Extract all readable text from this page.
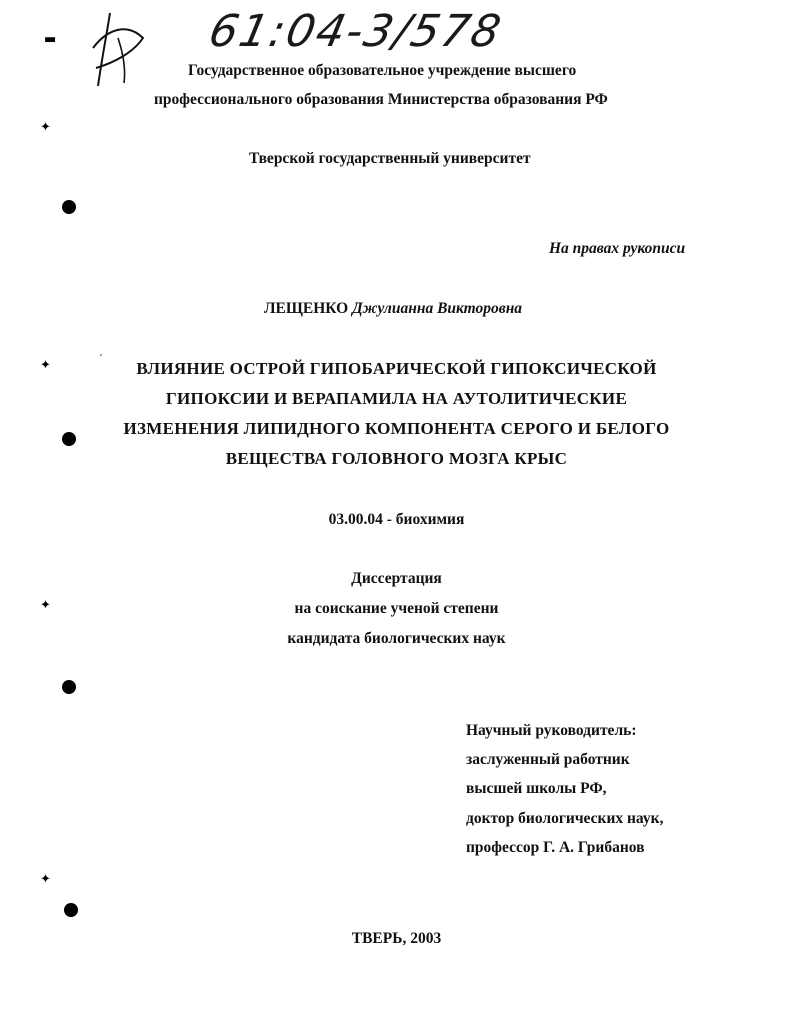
61:04-3/578
▬
✦
✦
✦
✦
ˊ
Государственное образовательное учреждение высшего
профессионального образования Министерства образования РФ
Тверской государственный университет
На правах рукописи
ЛЕЩЕНКО Джулианна Викторовна
ВЛИЯНИЕ ОСТРОЙ ГИПОБАРИЧЕСКОЙ ГИПОКСИЧЕСКОЙ
ГИПОКСИИ И ВЕРАПАМИЛА НА АУТОЛИТИЧЕСКИЕ
ИЗМЕНЕНИЯ ЛИПИДНОГО КОМПОНЕНТА СЕРОГО И БЕЛОГО
ВЕЩЕСТВА ГОЛОВНОГО МОЗГА КРЫС
03.00.04 - биохимия
Диссертация
на соискание ученой степени
кандидата биологических наук
Научный руководитель:
заслуженный работник
высшей школы РФ,
доктор биологических наук,
профессор Г. А. Грибанов
ТВЕРЬ, 2003
